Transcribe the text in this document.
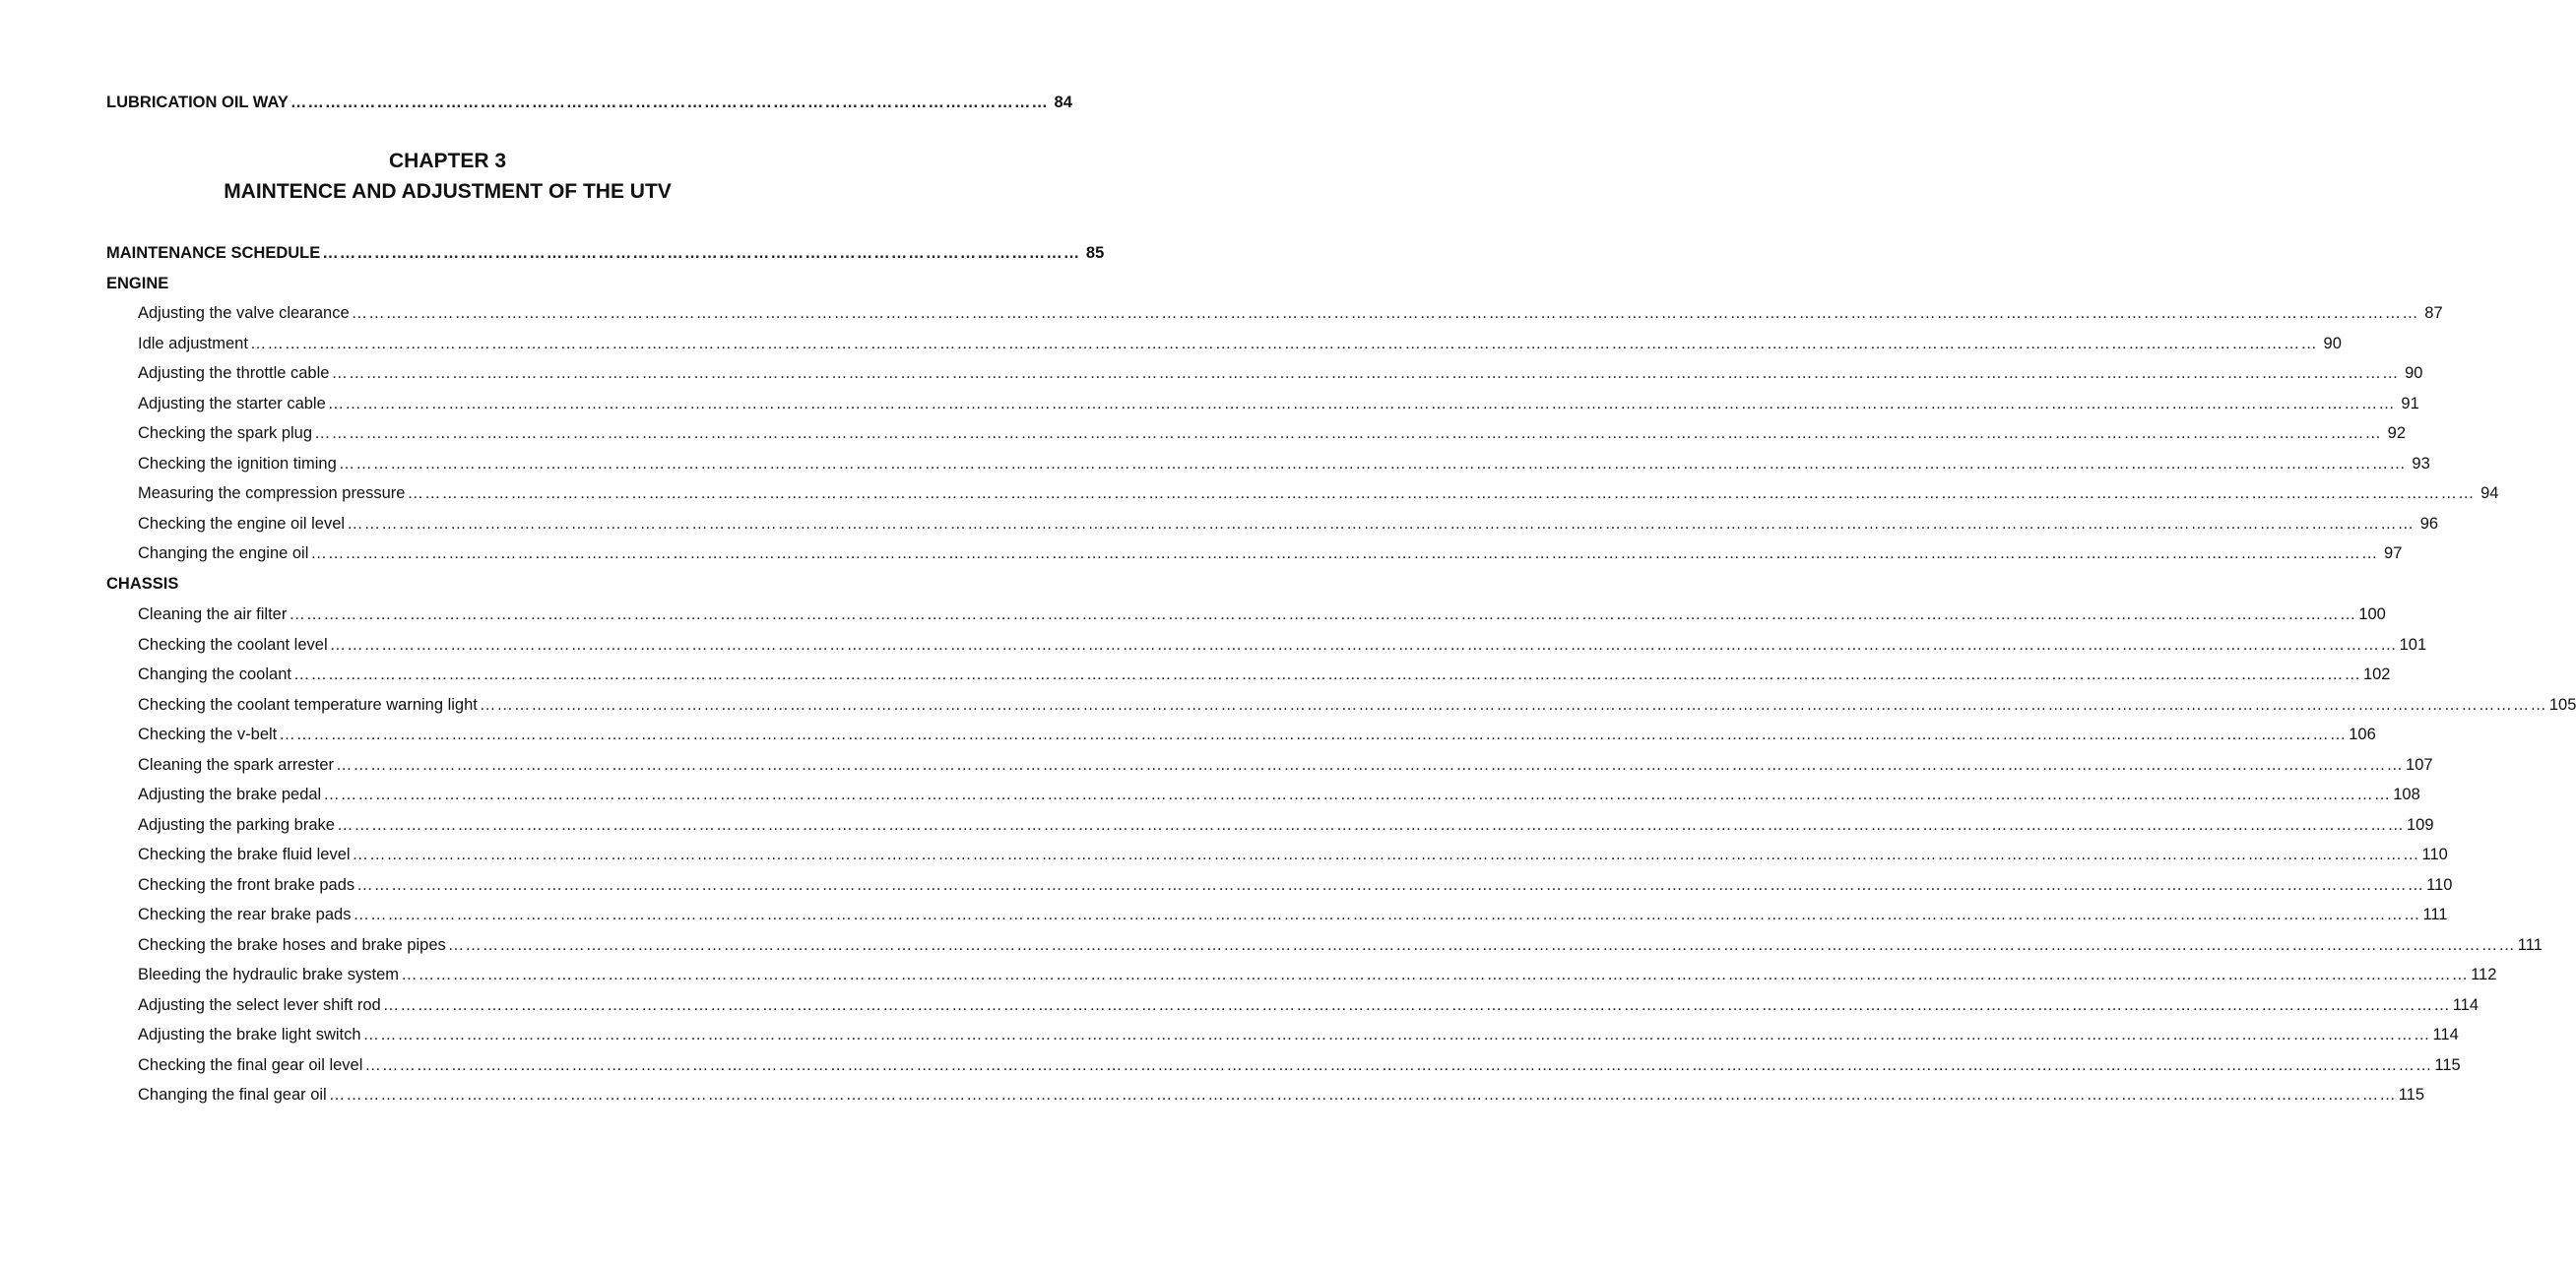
LUBRICATION OIL WAY …………………………………………………………………………………………………………………… 84
CHAPTER 3
MAINTENCE AND ADJUSTMENT OF THE UTV
MAINTENANCE SCHEDULE …………………………………………………………………………………………………………………… 85
ENGINE
Adjusting the valve clearance ……………………………………………………………………………………………………………………………………………………………………………………………………………………………………………………………………………………………………………………………… 87
Idle adjustment ……………………………………………………………………………………………………………………………………………………………………………………………………………………………………………………………………………………………………………………………… 90
Adjusting the throttle cable ……………………………………………………………………………………………………………………………………………………………………………………………………………………………………………………………………………………………………………………………… 90
Adjusting the starter cable ……………………………………………………………………………………………………………………………………………………………………………………………………………………………………………………………………………………………………………………………… 91
Checking the spark plug ……………………………………………………………………………………………………………………………………………………………………………………………………………………………………………………………………………………………………………………………… 92
Checking the ignition timing ……………………………………………………………………………………………………………………………………………………………………………………………………………………………………………………………………………………………………………………………… 93
Measuring the compression pressure ……………………………………………………………………………………………………………………………………………………………………………………………………………………………………………………………………………………………………………………………… 94
Checking the engine oil level ……………………………………………………………………………………………………………………………………………………………………………………………………………………………………………………………………………………………………………………………… 96
Changing the engine oil ……………………………………………………………………………………………………………………………………………………………………………………………………………………………………………………………………………………………………………………………… 97
CHASSIS
Cleaning the air filter ……………………………………………………………………………………………………………………………………………………………………………………………………………………………………………………………………………………………………………………………… 100
Checking the coolant level ……………………………………………………………………………………………………………………………………………………………………………………………………………………………………………………………………………………………………………………………… 101
Changing the coolant ……………………………………………………………………………………………………………………………………………………………………………………………………………………………………………………………………………………………………………………………… 102
Checking the coolant temperature warning light ……………………………………………………………………………………………………………………………………………………………………………………………………………………………………………………………………………………………………………………………… 105
Checking the v-belt ……………………………………………………………………………………………………………………………………………………………………………………………………………………………………………………………………………………………………………………………… 106
Cleaning the spark arrester ……………………………………………………………………………………………………………………………………………………………………………………………………………………………………………………………………………………………………………………………… 107
Adjusting the brake pedal ……………………………………………………………………………………………………………………………………………………………………………………………………………………………………………………………………………………………………………………………… 108
Adjusting the parking brake ……………………………………………………………………………………………………………………………………………………………………………………………………………………………………………………………………………………………………………………………… 109
Checking the brake fluid level ……………………………………………………………………………………………………………………………………………………………………………………………………………………………………………………………………………………………………………………………… 110
Checking the front brake pads ……………………………………………………………………………………………………………………………………………………………………………………………………………………………………………………………………………………………………………………………… 110
Checking the rear brake pads ……………………………………………………………………………………………………………………………………………………………………………………………………………………………………………………………………………………………………………………………… 111
Checking the brake hoses and brake pipes ……………………………………………………………………………………………………………………………………………………………………………………………………………………………………………………………………………………………………………………………… 111
Bleeding the hydraulic brake system ……………………………………………………………………………………………………………………………………………………………………………………………………………………………………………………………………………………………………………………………… 112
Adjusting the select lever shift rod ……………………………………………………………………………………………………………………………………………………………………………………………………………………………………………………………………………………………………………………………… 114
Adjusting the brake light switch ……………………………………………………………………………………………………………………………………………………………………………………………………………………………………………………………………………………………………………………………… 114
Checking the final gear oil level ……………………………………………………………………………………………………………………………………………………………………………………………………………………………………………………………………………………………………………………………… 115
Changing the final gear oil ……………………………………………………………………………………………………………………………………………………………………………………………………………………………………………………………………………………………………………………………… 115
